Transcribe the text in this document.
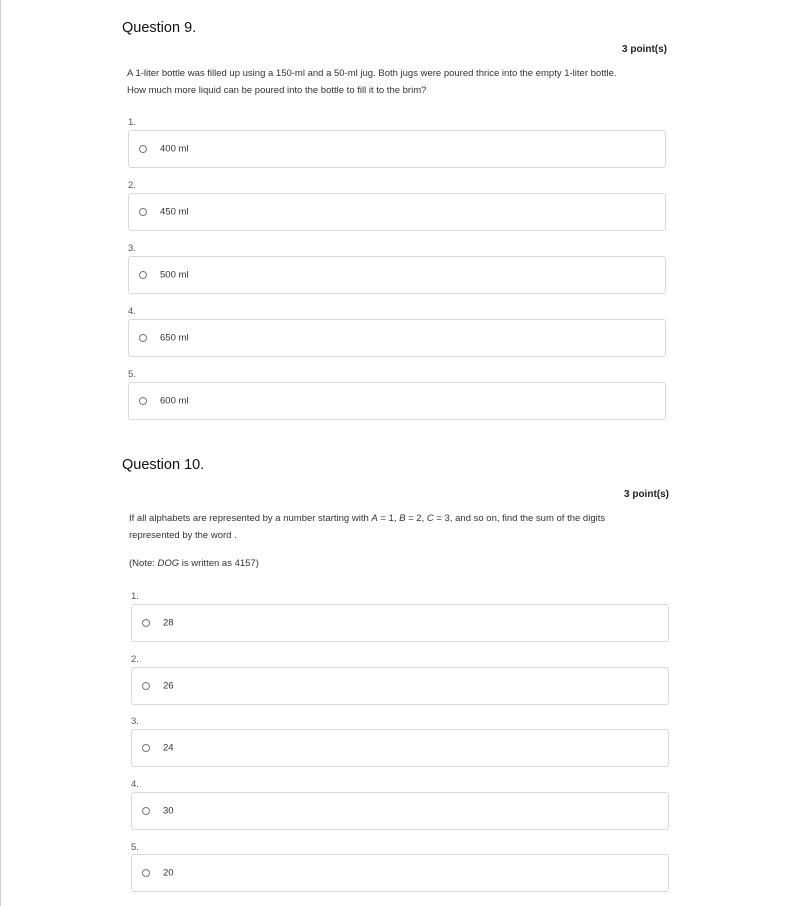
Question 9.
3 point(s)
A 1-liter bottle was filled up using a 150-ml and a 50-ml jug. Both jugs were poured thrice into the empty 1-liter bottle.
How much more liquid can be poured into the bottle to fill it to the brim?
1.
400 ml
2.
450 ml
3.
500 ml
4.
650 ml
5.
600 ml
Question 10.
3 point(s)
If all alphabets are represented by a number starting with A = 1, B = 2, C = 3, and so on, find the sum of the digits
represented by the word .
(Note: DOG is written as 4157)
1.
28
2.
26
3.
24
4.
30
5.
20
